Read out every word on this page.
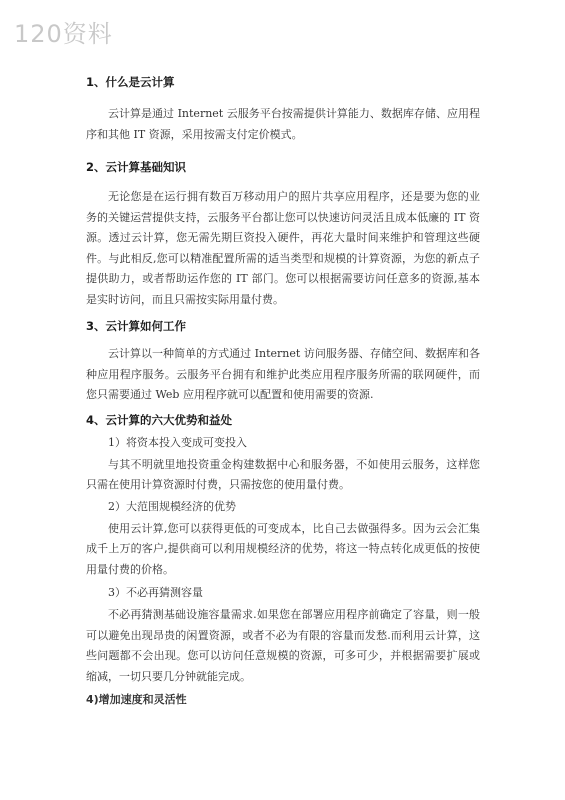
120资料
1、什么是云计算

云计算是通过 Internet 云服务平台按需提供计算能力、数据库存储、应用程序和其他 IT 资源，采用按需支付定价模式。

2、云计算基础知识

无论您是在运行拥有数百万移动用户的照片共享应用程序，还是要为您的业务的关键运营提供支持，云服务平台都让您可以快速访问灵活且成本低廉的 IT 资源。透过云计算，您无需先期巨资投入硬件，再花大量时间来维护和管理这些硬件。与此相反,您可以精准配置所需的适当类型和规模的计算资源，为您的新点子提供助力，或者帮助运作您的 IT 部门。您可以根据需要访问任意多的资源,基本是实时访问，而且只需按实际用量付费。

3、云计算如何工作

云计算以一种简单的方式通过 Internet 访问服务器、存储空间、数据库和各种应用程序服务。云服务平台拥有和维护此类应用程序服务所需的联网硬件，而您只需要通过 Web 应用程序就可以配置和使用需要的资源.

4、云计算的六大优势和益处
1）将资本投入变成可变投入

与其不明就里地投资重金构建数据中心和服务器，不如使用云服务，这样您只需在使用计算资源时付费，只需按您的使用量付费。

2）大范围规模经济的优势

使用云计算,您可以获得更低的可变成本，比自己去做强得多。因为云会汇集成千上万的客户,提供商可以利用规模经济的优势，将这一特点转化成更低的按使用量付费的价格。

3）不必再猜测容量

不必再猜测基础设施容量需求.如果您在部署应用程序前确定了容量，则一般可以避免出现昂贵的闲置资源，或者不必为有限的容量而发愁.而利用云计算，这些问题都不会出现。您可以访问任意规模的资源，可多可少，并根据需要扩展或缩减，一切只要几分钟就能完成。

4)增加速度和灵活性
